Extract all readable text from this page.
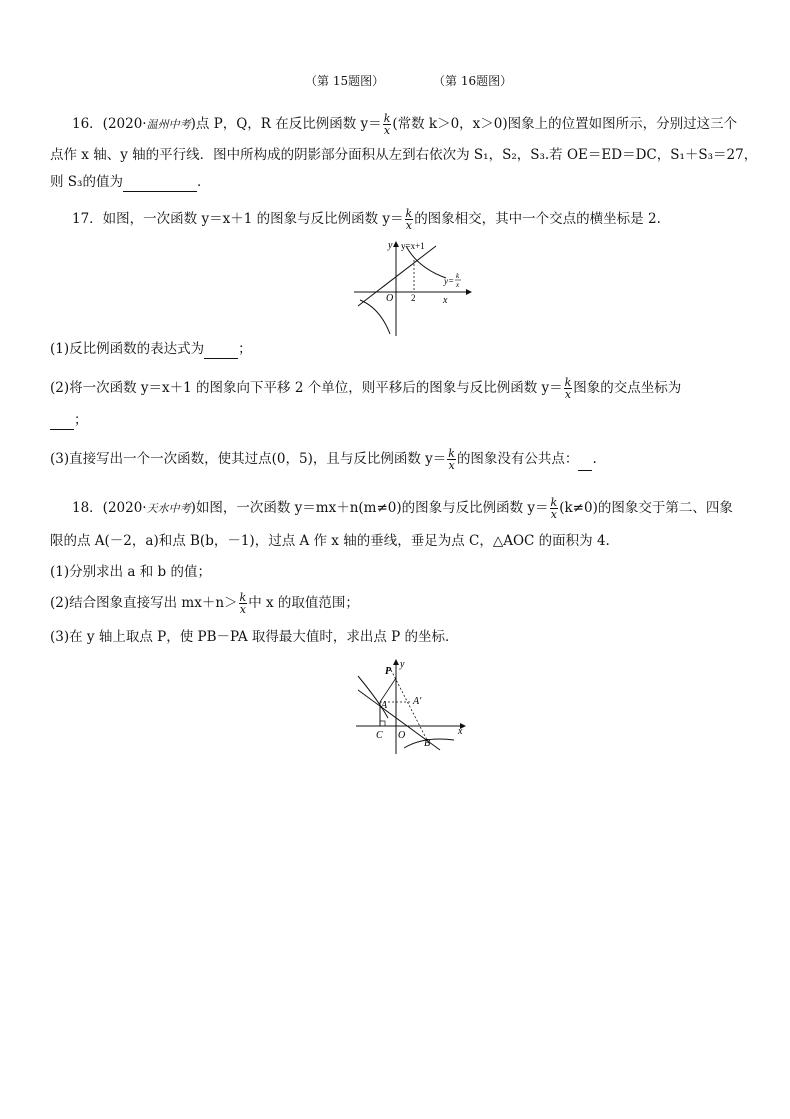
（第 15题图）	（第 16题图）
16．(2020·温州中考)点 P，Q，R 在反比例函数 $y= \frac{k}{x}$ (常数 k＞0，x＞0)图象上的位置如图所示，分别过这三个
点作 x 轴、y 轴的平行线．图中所构成的阴影部分面积从左到右依次为 S₁，S₂，S₃.若 OE＝ED＝DC，S₁＋S₃＝27，
则 S₃的值为	．
17．如图，一次函数 y＝x＋1 的图象与反比例函数 $y= \frac{k}{x}$ 的图象相交，其中一个交点的横坐标是 2.
y=x+1
y
x
O 2
y= k
x
(1)反比例函数的表达式为	；
(2)将一次函数 y＝x＋1 的图象向下平移 2 个单位，则平移后的图象与反比例函数 $y= \frac{k}{x}$ 图象的交点坐标为
；
(3)直接写出一个一次函数，使其过点(0，5)，且与反比例函数 $y= \frac{k}{x}$ 的图象没有公共点： .
18．(2020·天水中考)如图，一次函数 y＝mx＋n(m≠0)的图象与反比例函数 $y= \frac{k}{x} (k\ne 0)$的图象交于第二、四象
限的点 A(－2，a)和点 B(b，－1)，过点 A 作 x 轴的垂线，垂足为点 C，△AOC 的面积为 4.
(1)分别求出 a 和 b 的值；
(2)结合图象直接写出 $mx+n> \frac{k}{x}$ 中 x 的取值范围；
(3)在 y 轴上取点 P，使 PB－PA 取得最大值时，求出点 P 的坐标．
P
y
A	A′
C O
B
x
